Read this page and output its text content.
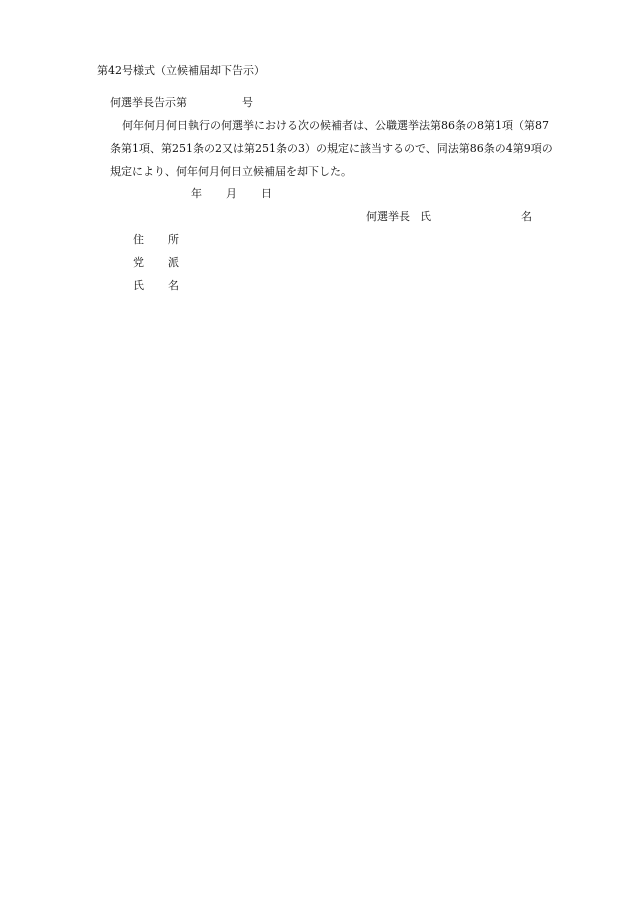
第42号様式（立候補届却下告示）
何選挙長告示第	号
何年何月何日執行の何選挙における次の候補者は、公職選挙法第86条の8第1項（第87
条第1項、第251条の2又は第251条の3）の規定に該当するので、同法第86条の4第9項の
規定により、何年何月何日立候補届を却下した。
年 月 日
何選挙長 氏	名
住 所
党 派
氏 名
